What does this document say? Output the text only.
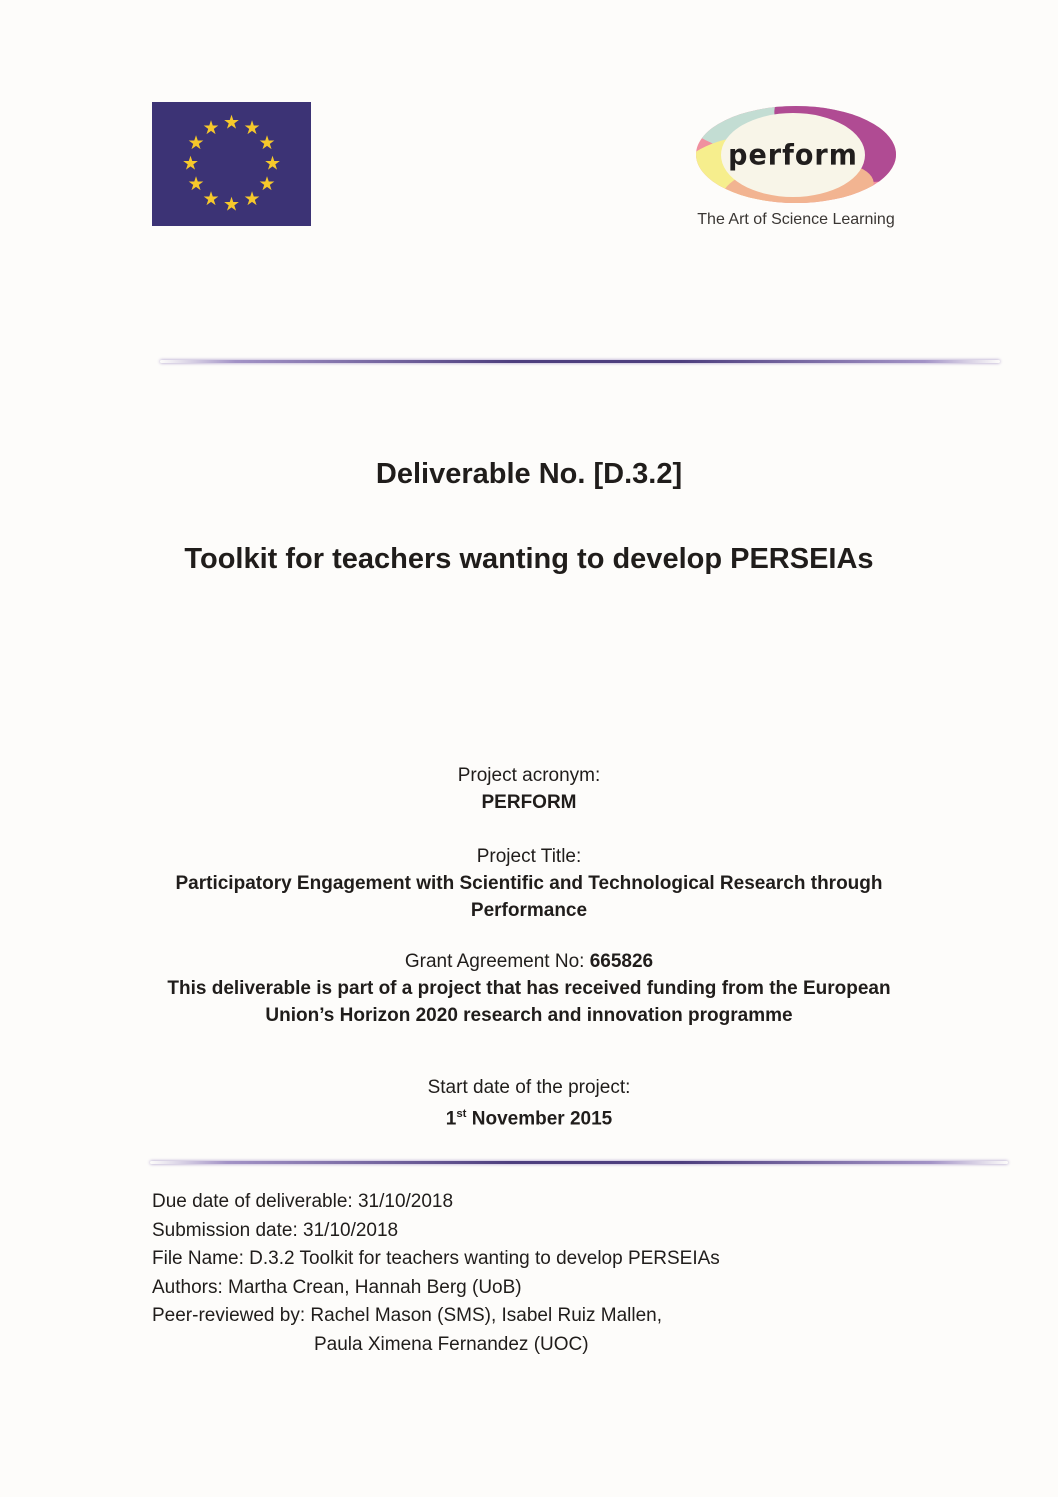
★ ★
★
★
★
★
★
★
★
★
★
★
perform
The Art of Science Learning
Deliverable No. [D.3.2]
Toolkit for teachers wanting to develop PERSEIAs
Project acronym:
PERFORM
Project Title:
Participatory Engagement with Scientific and Technological Research through
Performance
Grant Agreement No: 665826
This deliverable is part of a project that has received funding from the European
Union’s Horizon 2020 research and innovation programme
Start date of the project:
1st November 2015
Due date of deliverable: 31/10/2018
Submission date: 31/10/2018
File Name: D.3.2 Toolkit for teachers wanting to develop PERSEIAs
Authors: Martha Crean, Hannah Berg (UoB)
Peer-reviewed by: Rachel Mason (SMS), Isabel Ruiz Mallen,
Paula Ximena Fernandez (UOC)
